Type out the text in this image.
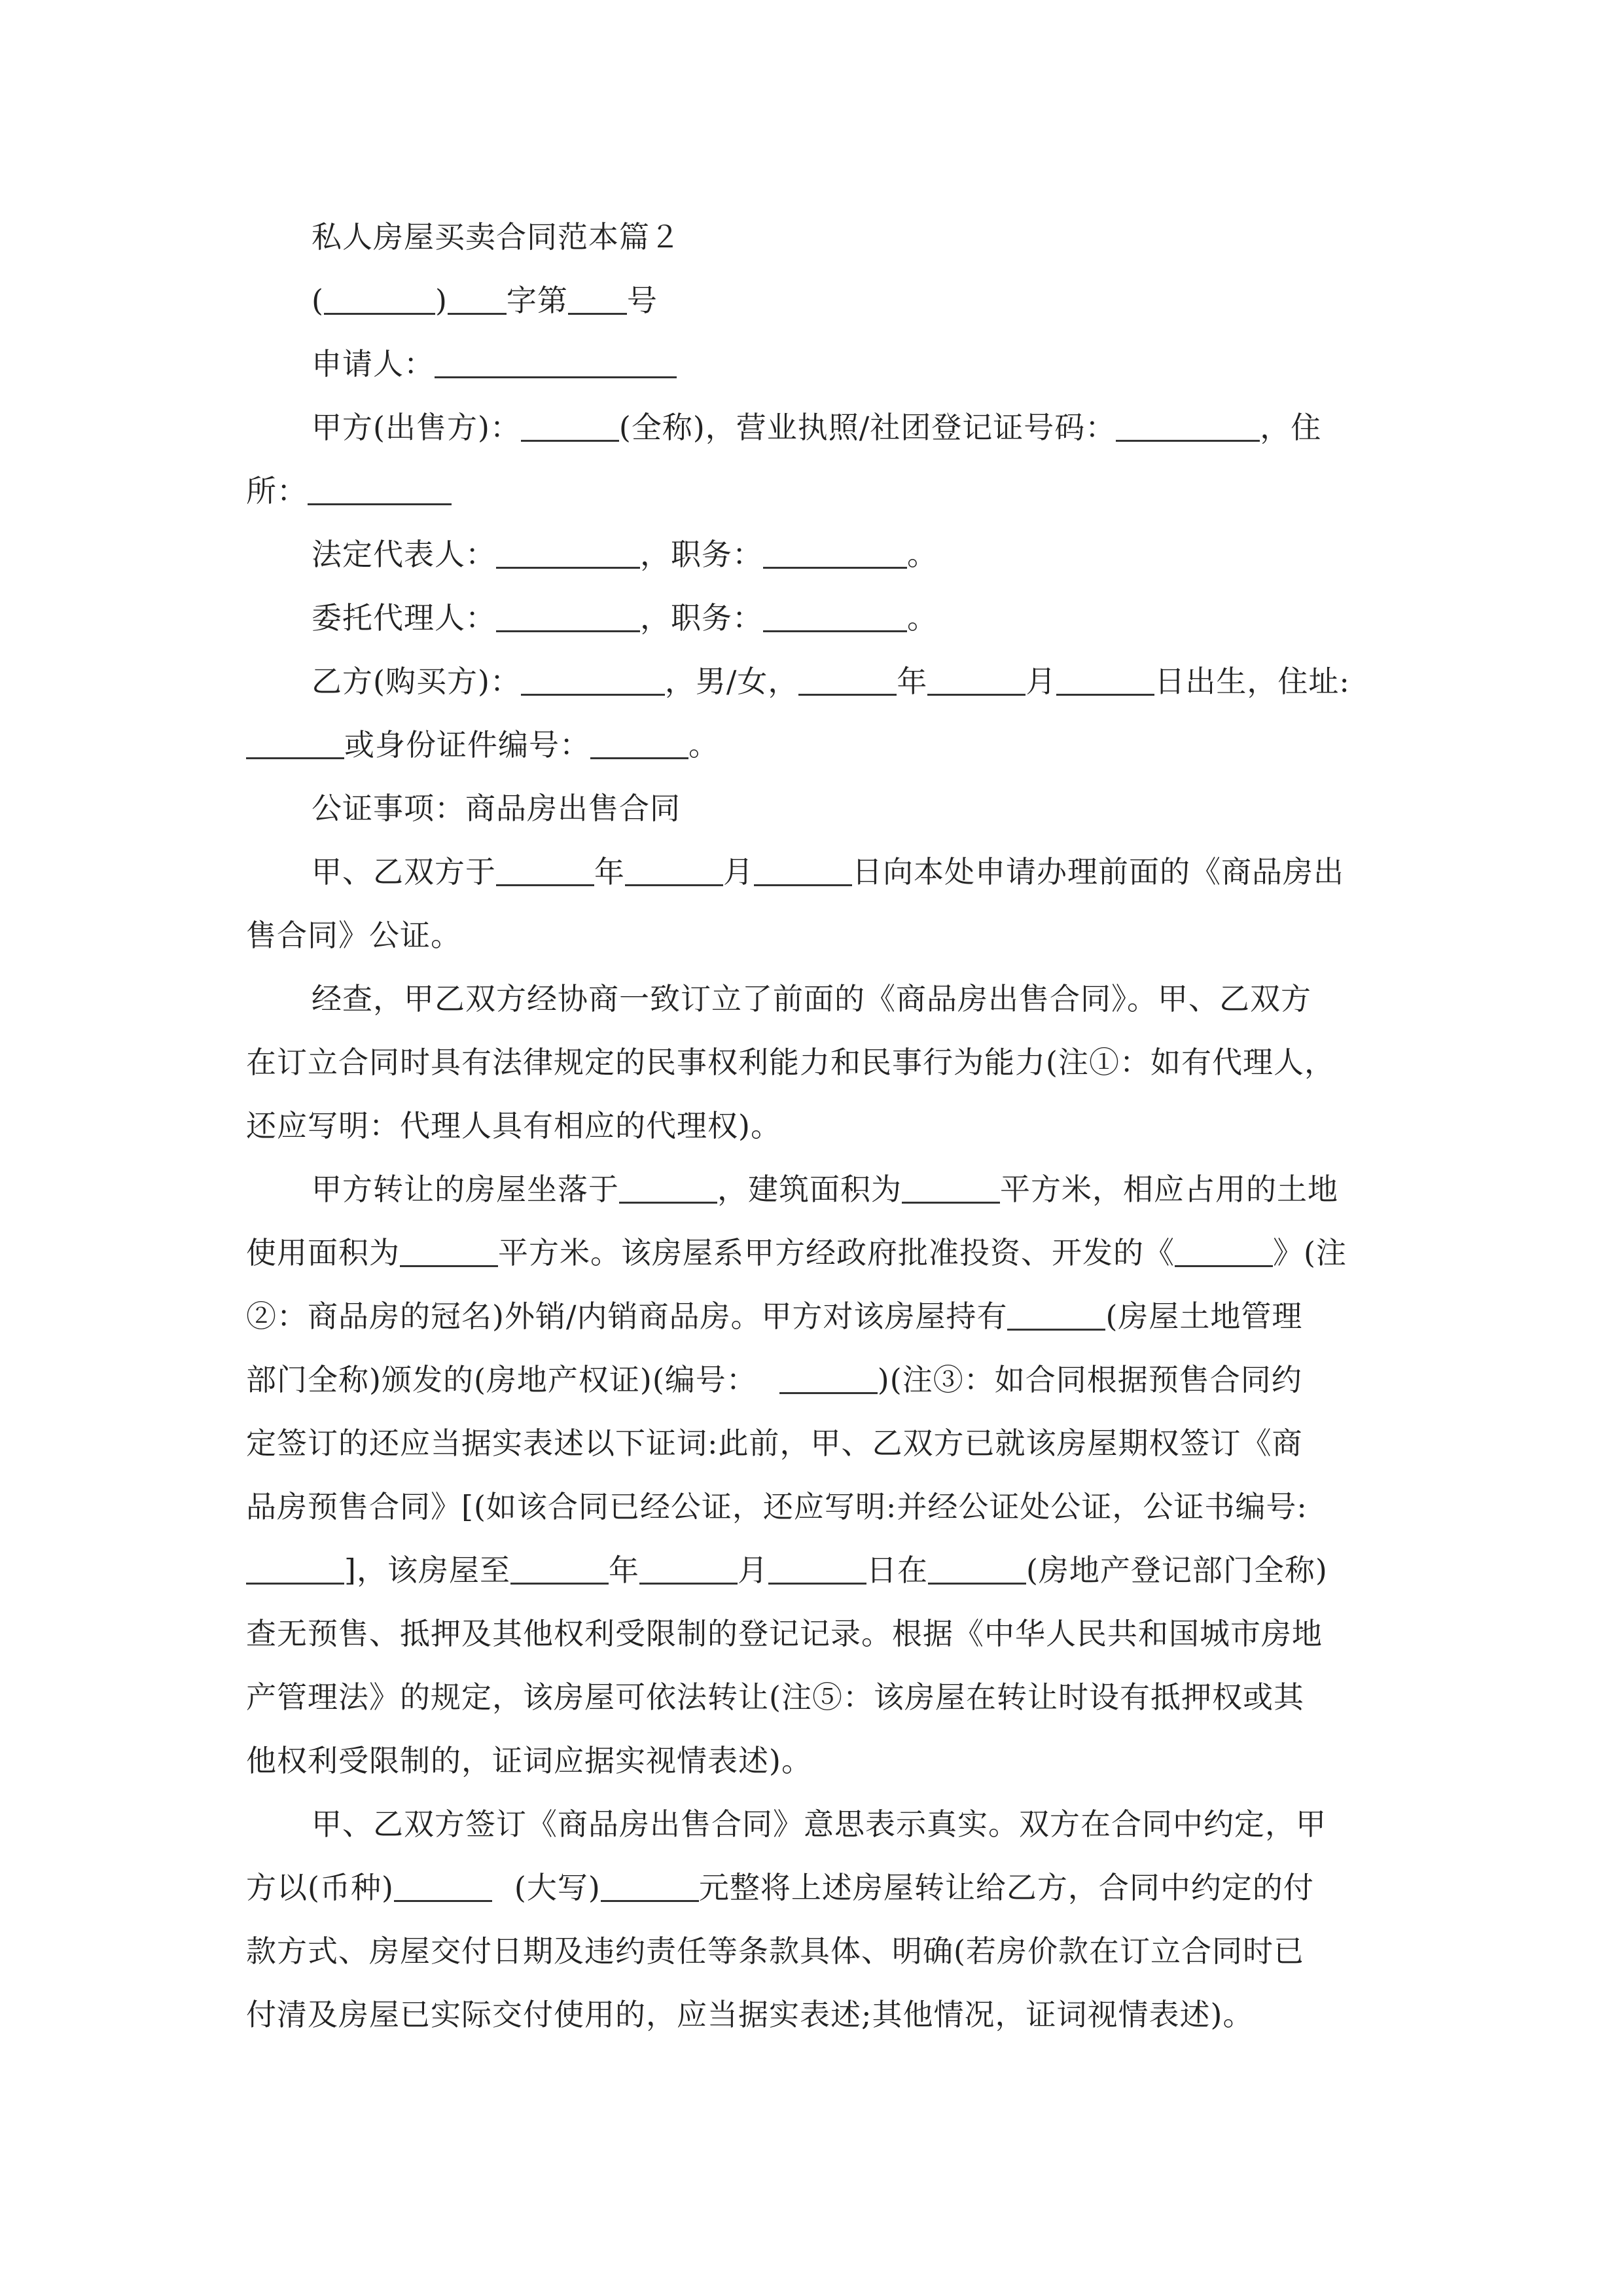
私人房屋买卖合同范本篇２
(	) 字第 号
申请人：
甲方(出售方)：	(全称)，营业执照/社团登记证号码：	，住
所：
法定代表人：	，职务：	。
委托代理人：	，职务：	。
乙方(购买方)：	，男/女，	年	月	日出生，住址:
或身份证件编号：	。
公证事项：商品房出售合同
甲、乙双方于	年	月	日向本处申请办理前面的《商品房出
售合同》公证。
经查，甲乙双方经协商一致订立了前面的《商品房出售合同》。甲、乙双方
在订立合同时具有法律规定的民事权利能力和民事行为能力(注①：如有代理人，
还应写明：代理人具有相应的代理权)。
甲方转让的房屋坐落于	，建筑面积为	平方米，相应占用的土地
使用面积为	平方米。该房屋系甲方经政府批准投资、开发的《	》(注
②：商品房的冠名)外销/内销商品房。甲方对该房屋持有	(房屋土地管理
部门全称)颁发的(房地产权证)(编号：	)(注③：如合同根据预售合同约
定签订的还应当据实表述以下证词:此前，甲、乙双方已就该房屋期权签订《商
品房预售合同》[(如该合同已经公证，还应写明:并经公证处公证，公证书编号:
]，该房屋至	年	月	日在	(房地产登记部门全称)
查无预售、抵押及其他权利受限制的登记记录。根据《中华人民共和国城市房地
产管理法》的规定，该房屋可依法转让(注⑤：该房屋在转让时设有抵押权或其
他权利受限制的，证词应据实视情表述)。
甲、乙双方签订《商品房出售合同》意思表示真实。双方在合同中约定，甲
方以(币种)	(大写)	元整将上述房屋转让给乙方，合同中约定的付
款方式、房屋交付日期及违约责任等条款具体、明确(若房价款在订立合同时已
付清及房屋已实际交付使用的，应当据实表述;其他情况，证词视情表述)。
